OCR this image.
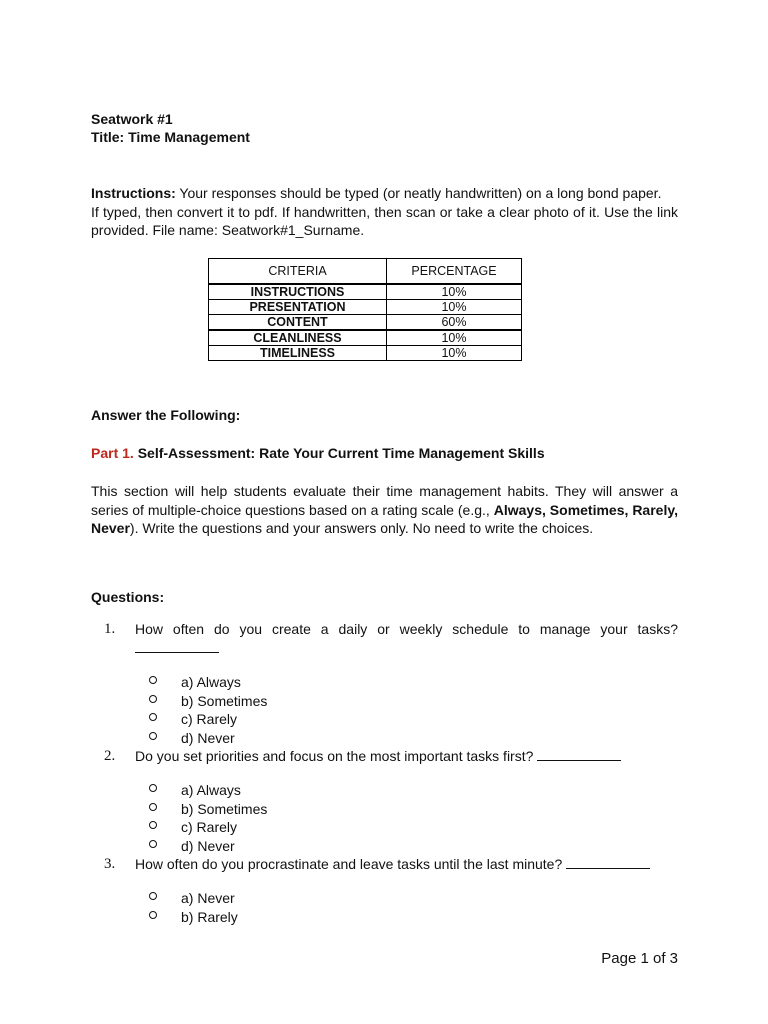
Seatwork #1
Title: Time Management
Instructions: Your responses should be typed (or neatly handwritten) on a long bond paper.
If typed, then convert it to pdf. If handwritten, then scan or take a clear photo of it. Use the link provided. File name: Seatwork#1_Surname.
CRITERIA	PERCENTAGE
INSTRUCTIONS	10%
PRESENTATION	10%
CONTENT	60%
CLEANLINESS	10%
TIMELINESS	10%
Answer the Following:
Part 1. Self-Assessment: Rate Your Current Time Management Skills
This section will help students evaluate their time management habits. They will answer a series of multiple-choice questions based on a rating scale (e.g., Always, Sometimes, Rarely, Never). Write the questions and your answers only. No need to write the choices.
Questions:
1. How often do you create a daily or weekly schedule to manage your tasks?
a) Always
b) Sometimes
c) Rarely
d) Never
2. Do you set priorities and focus on the most important tasks first?
a) Always
b) Sometimes
c) Rarely
d) Never
3. How often do you procrastinate and leave tasks until the last minute?
a) Never
b) Rarely
Page 1 of 3
